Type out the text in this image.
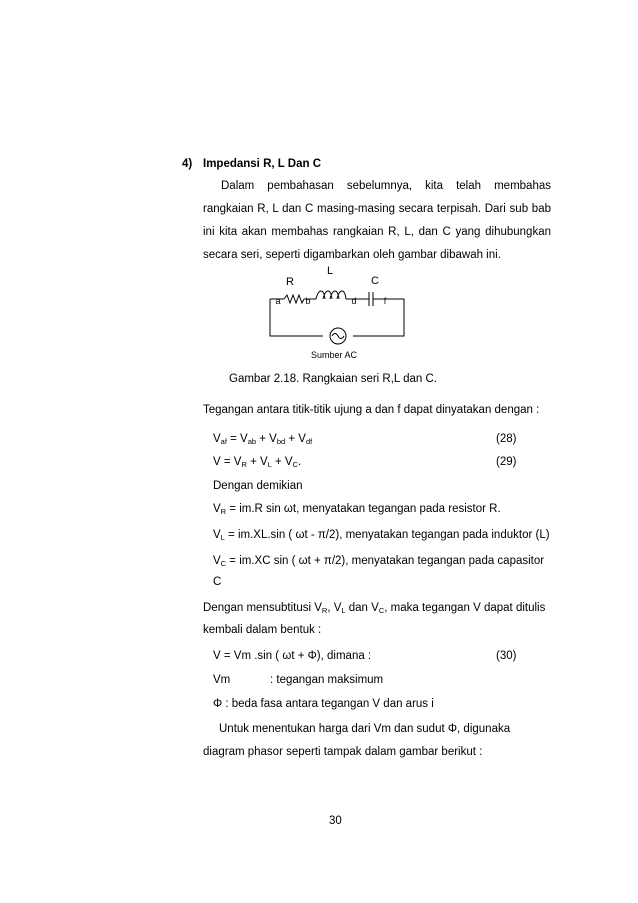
4) Impedansi R, L Dan C
Dalam pembahasan sebelumnya, kita telah membahas
rangkaian R, L dan C masing-masing secara terpisah. Dari sub bab
ini kita akan membahas rangkaian R, L, dan C yang dihubungkan
secara seri, seperti digambarkan oleh gambar dibawah ini.
R
L
C
a	b	d	f
Sumber AC
Gambar 2.18. Rangkaian seri R,L dan C.
Tegangan antara titik-titik ujung a dan f dapat dinyatakan dengan :
$V_{af} = V_{ab} + V_{bd} + V_{df}$	(28)
$V = V_R + V_L + V_C$.	(29)
Dengan demikian
$V_R = im.R$ sin ωt, menyatakan tegangan pada resistor R.
$V_L = im.XL.\sin$ ( ωt - π/2), menyatakan tegangan pada induktor (L)
$V_C = im.XC$ sin ( ωt + π/2), menyatakan tegangan pada capasitor
C
Dengan mensubtitusi $V_R$, $V_L$ dan $V_C$, maka tegangan V dapat ditulis
kembali dalam bentuk :
V = Vm .sin ( ωt + Φ), dimana :	(30)
Vm	: tegangan maksimum
Φ : beda fasa antara tegangan V dan arus i
Untuk menentukan harga dari Vm dan sudut Φ, digunaka
diagram phasor seperti tampak dalam gambar berikut :
30
